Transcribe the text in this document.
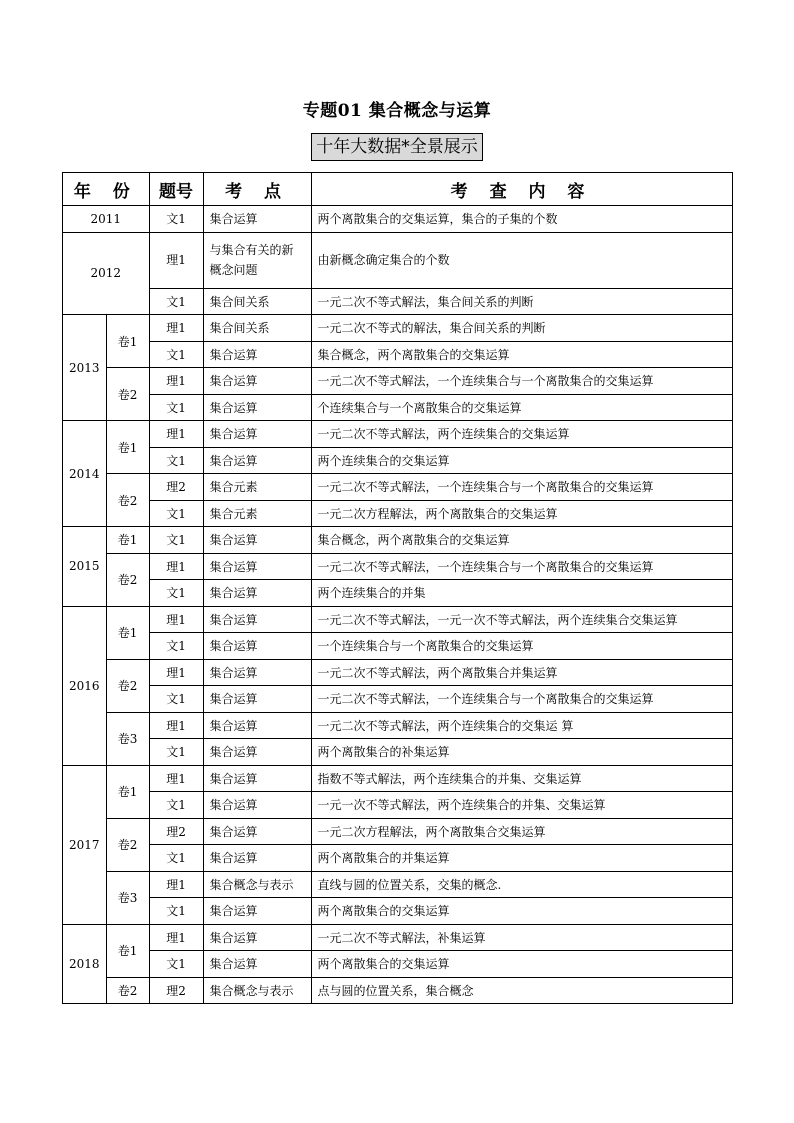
专题01 集合概念与运算
十年大数据*全景展示
年 份		题号	考 点	考 查 内 容
2011		文1	集合运算	两个离散集合的交集运算，集合的子集的个数
2012		理1	与集合有关的新概念问题	由新概念确定集合的个数
		文1	集合间关系	一元二次不等式解法，集合间关系的判断
2013	卷1	理1	集合间关系	一元二次不等式的解法，集合间关系的判断
		文1	集合运算	集合概念，两个离散集合的交集运算
	卷2	理1	集合运算	一元二次不等式解法，一个连续集合与一个离散集合的交集运算
		文1	集合运算	个连续集合与一个离散集合的交集运算
2014	卷1	理1	集合运算	一元二次不等式解法，两个连续集合的交集运算
		文1	集合运算	两个连续集合的交集运算
	卷2	理2	集合元素	一元二次不等式解法，一个连续集合与一个离散集合的交集运算
		文1	集合元素	一元二次方程解法，两个离散集合的交集运算
2015	卷1	文1	集合运算	集合概念，两个离散集合的交集运算
	卷2	理1	集合运算	一元二次不等式解法，一个连续集合与一个离散集合的交集运算
		文1	集合运算	两个连续集合的并集
2016	卷1	理1	集合运算	一元二次不等式解法，一元一次不等式解法，两个连续集合交集运算
		文1	集合运算	一个连续集合与一个离散集合的交集运算
	卷2	理1	集合运算	一元二次不等式解法，两个离散集合并集运算
		文1	集合运算	一元二次不等式解法，一个连续集合与一个离散集合的交集运算
	卷3	理1	集合运算	一元二次不等式解法，两个连续集合的交集运 算
		文1	集合运算	两个离散集合的补集运算
2017	卷1	理1	集合运算	指数不等式解法，两个连续集合的并集、交集运算
		文1	集合运算	一元一次不等式解法，两个连续集合的并集、交集运算
	卷2	理2	集合运算	一元二次方程解法，两个离散集合交集运算
		文1	集合运算	两个离散集合的并集运算
	卷3	理1	集合概念与表示	直线与圆的位置关系，交集的概念.
		文1	集合运算	两个离散集合的交集运算
2018	卷1	理1	集合运算	一元二次不等式解法，补集运算
		文1	集合运算	两个离散集合的交集运算
	卷2	理2	集合概念与表示	点与圆的位置关系，集合概念
